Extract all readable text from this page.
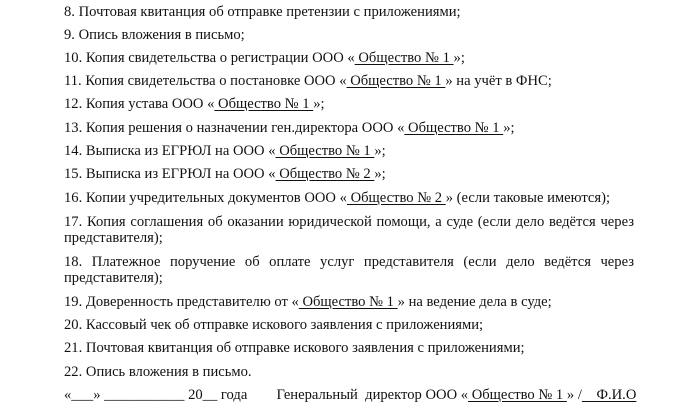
8. Почтовая квитанция об отправке претензии с приложениями;
9. Опись вложения в письмо;
10. Копия свидетельства о регистрации ООО « Общество № 1 »;
11. Копия свидетельства о постановке ООО « Общество № 1 » на учёт в ФНС;
12. Копия устава ООО « Общество № 1 »;
13. Копия решения о назначении ген.директора ООО « Общество № 1 »;
14. Выписка из ЕГРЮЛ на ООО « Общество № 1 »;
15. Выписка из ЕГРЮЛ на ООО « Общество № 2 »;
16. Копии учредительных документов ООО « Общество № 2 » (если таковые имеются);
17. Копия соглашения об оказании юридической помощи, а суде (если дело ведётся через представителя);
18. Платежное поручение об оплате услуг представителя (если дело ведётся через представителя);
19. Доверенность представителю от « Общество № 1 » на ведение дела в суде;
20. Кассовый чек об отправке искового заявления с приложениями;
21. Почтовая квитанция об отправке искового заявления с приложениями;
22. Опись вложения в письмо.
«___» ___________ 20__ года Генеральный  директор ООО « Общество № 1 » /    Ф.И.О
